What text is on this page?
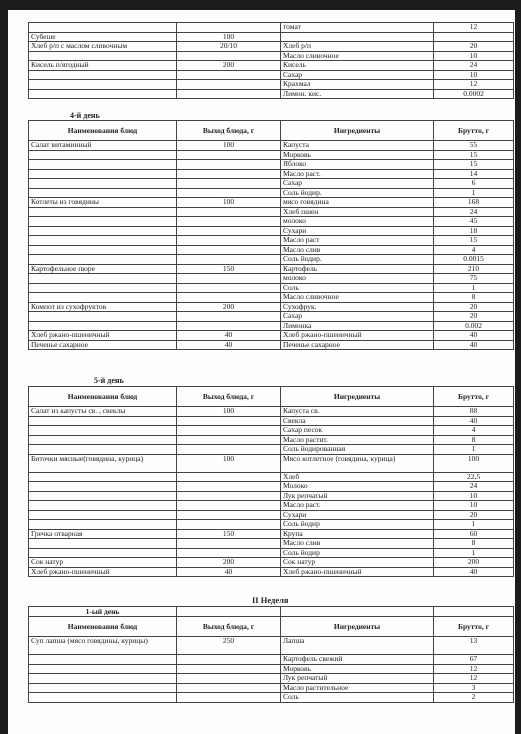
		томат	12
Субеше	100		
Хлеб р/п с маслом сливочным	20/10	Хлеб р/п	20
		Масло сливочное	10
Кисель п/ягодный	200	Кисель	24
		Сахар	10
		Крахмал	12
		Лимон. кис.	0.0002
4-й день
Наименования блюд	Выход блюда, г	Ингредиенты	Брутто, г
Салат витаминный	100	Капуста	55
		Морковь	15
		Яблоко	15
		Масло раст.	14
		Сахар	6
		Соль йодир.	1
Котлеты из говядины	100	мясо говядина	168
		Хлеб пшен	24
		молоко	45
		Сухари	18
		Масло раст	15
		Масло слив	4
		Соль йодир.	0.0015
Картофельное пюре	150	Картофель	210
		молоко	75
		Соль	1
		Масло сливочное	8
Компот из сухофруктов	200	Сухофрук.	20
		Сахар	20
		Лимонка	0.002
Хлеб ржано-пшеничный	40	Хлеб ржано-пшеничный	40
Печенье сахарное	40	Печенье сахарное	40
5-й день
Наименования блюд	Выход блюда, г	Ингредиенты	Брутто, г
Салат из капусты св. , свеклы	100	Капуста св.	88
		Свекла	40
		Сахар песок	4
		Масло растит.	8
		Соль йодированная	1
Биточки мясные(говядина, курица)	100	Мясо котлетное (говядина, курица)	100
		Хлеб	22,5
		Молоко	24
		Лук репчатый	10
		Масло раст.	10
		Сухари	20
		Соль йодир	1
Гречка отварная	150	Крупа	60
		Масло слив	8
		Соль йодир	1
Сок натур	200	Сок натур	200
Хлеб ржано-пшеничный	40	Хлеб ржано-пшеничный	40
II Неделя
1-ый день			
Наименования блюд	Выход блюда, г	Ингредиенты	Брутто, г
Суп лапша (мясо говядины, курицы)	250	Лапша	13
		Картофель свежий	67
		Морковь	12
		Лук репчатый	12
		Масло растительное	3
		Соль	2
